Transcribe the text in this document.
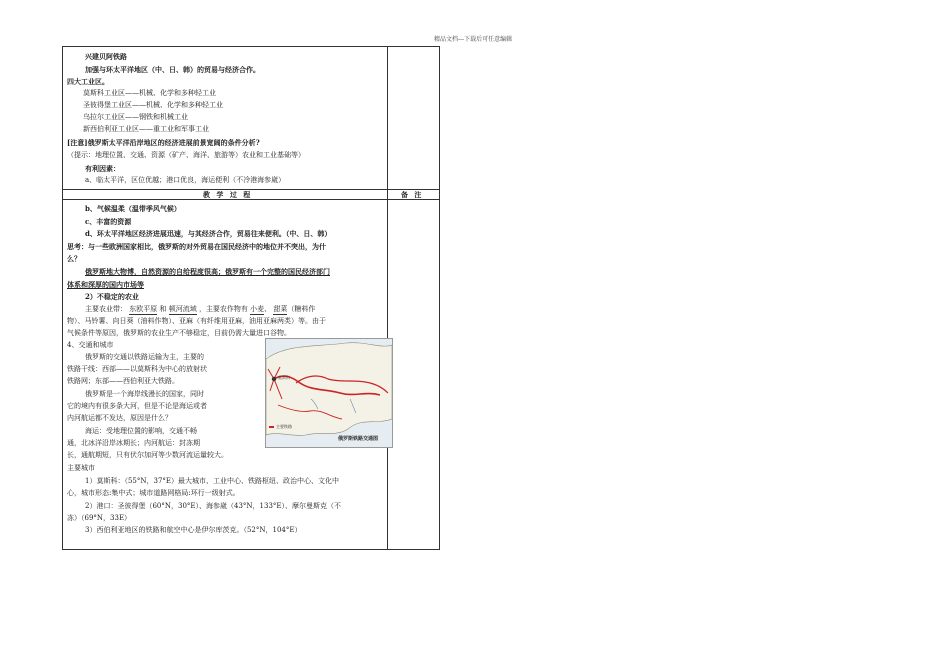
精品文档---下载后可任意编辑
兴建贝阿铁路
加强与环太平洋地区（中、日、韩）的贸易与经济合作。
四大工业区。
莫斯科工业区——机械、化学和多种轻工业
圣彼得堡工业区——机械、化学和多种轻工业
乌拉尔工业区——钢铁和机械工业
新西伯利亚工业区——重工业和军事工业
[注意]俄罗斯太平洋沿岸地区的经济进展前景宽阔的条件分析?
（提示：地理位置、交通、资源（矿产、海洋、旅游等）农业和工业基础等）
有利因素：
a、临太平洋，区位优越；港口优良，海运便利（不冷港海参崴）
教 学 过 程	备 注
b、气候温柔（温带季风气候）
c、丰富的资源
d、环太平洋地区经济进展迅速，与其经济合作，贸易往来便利。（中、日、韩）
思考：与一些欧洲国家相比，俄罗斯的对外贸易在国民经济中的地位并不突出，为什
么？
俄罗斯地大物博，自然资源的自给程度很高；俄罗斯有一个完整的国民经济部门
体系和深厚的国内市场等
2）不稳定的农业
主要农业带： 东欧平原 和 顿河流域 ，主要农作物有 小麦、 甜菜（糖料作
物）、马铃薯、向日葵（油料作物）、亚麻（有纤维用亚麻，油用亚麻两类）等。由于
气候条件等原因，俄罗斯的农业生产不够稳定，目前仍需大量进口谷物。
4、交通和城市
俄罗斯的交通以铁路运输为主，主要的
铁路干线：西部——以莫斯科为中心的放射状
铁路网；东部——西伯利亚大铁路。
俄罗斯是一个海岸线漫长的国家，同时
它的境内有很多条大河，但是不论是海运或者
内河航运都不发达，原因是什么？
海运：受地理位置的影响，交通不畅
通，北冰洋沿岸冰期长；内河航运：封冻期
长，通航期短，只有伏尔加河等少数河流运量较大。
主要城市
1）莫斯科：（55°N，37°E）最大城市、工业中心、铁路枢纽、政治中心、文化中
心，城市形态:集中式；城市道路网格局:环行一级射式。
2）港口：圣彼得堡（60°N，30°E）、海参崴（43°N，133°E）、摩尔曼斯克（不
冻）（69°N，33E）
3）西伯利亚地区的铁路和航空中心是伊尔库茨克。（52°N，104°E）
主要铁路
莫斯科
俄罗斯铁路交通图
